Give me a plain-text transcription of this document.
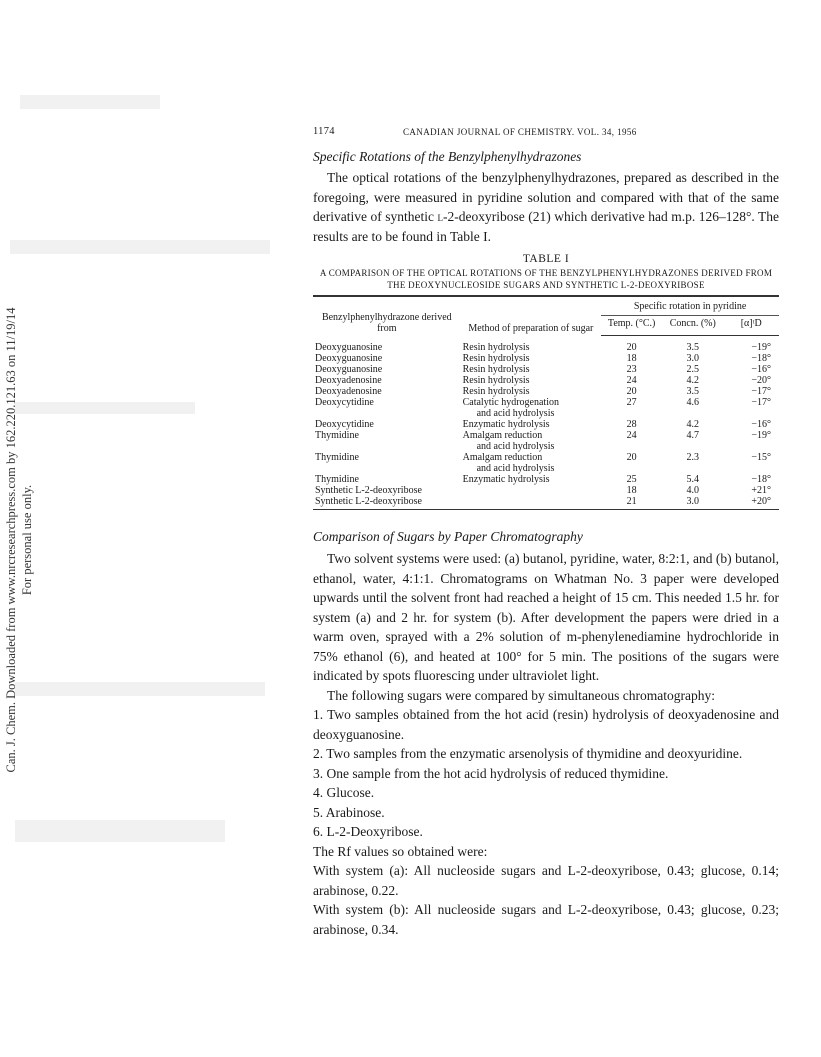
Can. J. Chem. Downloaded from www.nrcresearchpress.com by 162.220.121.63 on 11/19/14 For personal use only.
1174	CANADIAN JOURNAL OF CHEMISTRY. VOL. 34, 1956
Specific Rotations of the Benzylphenylhydrazones

The optical rotations of the benzylphenylhydrazones, prepared as described in the foregoing, were measured in pyridine solution and compared with that of the same derivative of synthetic l-2-deoxyribose (21) which derivative had m.p. 126–128°. The results are to be found in Table I.

TABLE I
A COMPARISON OF THE OPTICAL ROTATIONS OF THE BENZYLPHENYLHYDRAZONES DERIVED FROM THE DEOXYNUCLEOSIDE SUGARS AND SYNTHETIC L-2-DEOXYRIBOSE
Benzylphenylhydrazone derived from	Method of preparation of sugar	Specific rotation in pyridine		
		Temp. (°C.)	Concn. (%)	[α]ᵗD

Deoxyguanosine	Resin hydrolysis	20	3.5	−19°

Deoxyguanosine	Resin hydrolysis	18	3.0	−18°

Deoxyguanosine	Resin hydrolysis	23	2.5	−16°

Deoxyadenosine	Resin hydrolysis	24	4.2	−20°

Deoxyadenosine	Resin hydrolysis	20	3.5	−17°

Deoxycytidine	Catalytic hydrogenation
and acid hydrolysis	27	4.6	−17°

Deoxycytidine	Enzymatic hydrolysis	28	4.2	−16°

Thymidine	Amalgam reduction
and acid hydrolysis	24	4.7	−19°

Thymidine	Amalgam reduction
and acid hydrolysis	20	2.3	−15°

Thymidine	Enzymatic hydrolysis	25	5.4	−18°

Synthetic L-2-deoxyribose		18	4.0	+21°

Synthetic L-2-deoxyribose		21	3.0	+20°
Comparison of Sugars by Paper Chromatography

Two solvent systems were used: (a) butanol, pyridine, water, 8:2:1, and (b) butanol, ethanol, water, 4:1:1. Chromatograms on Whatman No. 3 paper were developed upwards until the solvent front had reached a height of 15 cm. This needed 1.5 hr. for system (a) and 2 hr. for system (b). After development the papers were dried in a warm oven, sprayed with a 2% solution of m-phenylenediamine hydrochloride in 75% ethanol (6), and heated at 100° for 5 min. The positions of the sugars were indicated by spots fluorescing under ultraviolet light.

The following sugars were compared by simultaneous chromatography:

1. Two samples obtained from the hot acid (resin) hydrolysis of deoxyadenosine and deoxyguanosine.
2. Two samples from the enzymatic arsenolysis of thymidine and deoxyuridine.
3. One sample from the hot acid hydrolysis of reduced thymidine.
4. Glucose.
5. Arabinose.
6. L-2-Deoxyribose.

The Rf values so obtained were:

With system (a): All nucleoside sugars and L-2-deoxyribose, 0.43; glucose, 0.14; arabinose, 0.22.

With system (b): All nucleoside sugars and L-2-deoxyribose, 0.43; glucose, 0.23; arabinose, 0.34.
